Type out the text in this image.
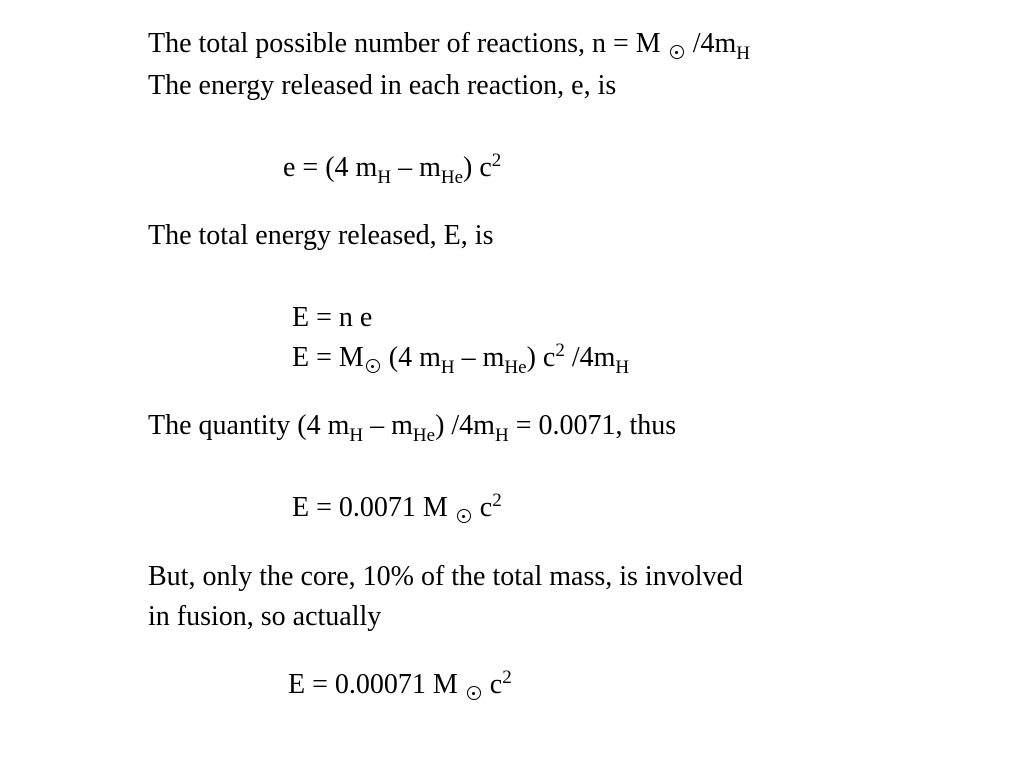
The total possible number of reactions, n = M $/4m_H$
The energy released in each reaction, e, is
e = (4 $m_H - m_{He}$) $c^2$
The total energy released, E, is
E = n e
E = M (4 $m_H - m_{He}$) $c^2$ $/4m_H$
The quantity (4 $m_H - m_{He}$) $/4m_H = 0.0071$, thus
E = 0.0071 M  $c^2$
But, only the core, 10% of the total mass, is involved
in fusion, so actually
E = 0.00071 M  $c^2$
